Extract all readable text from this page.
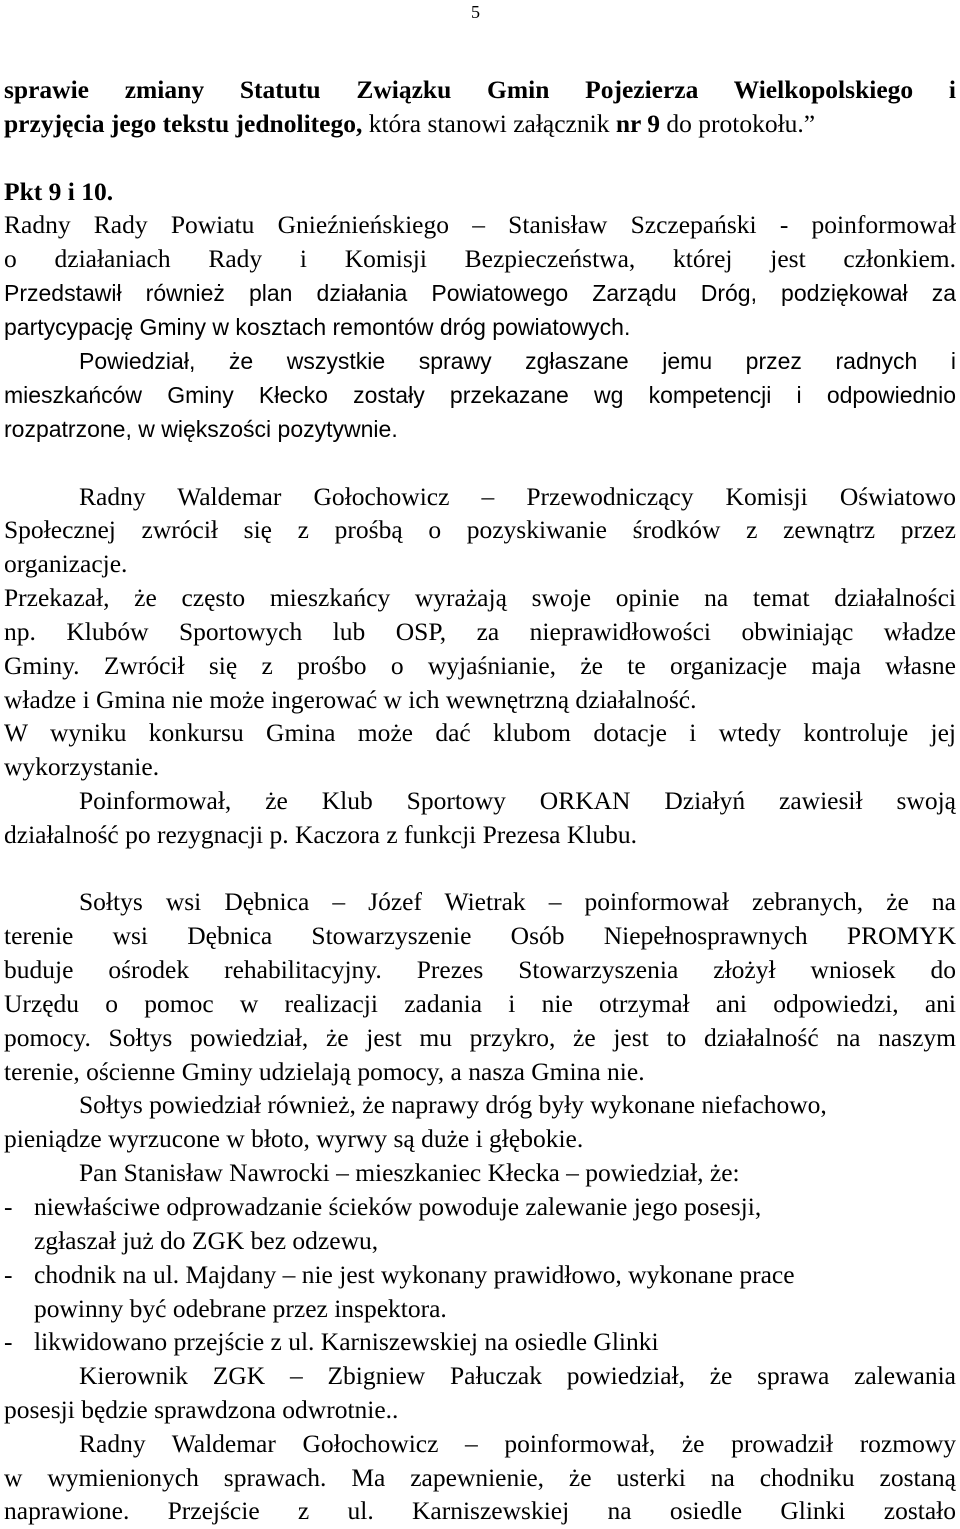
5
sprawie zmiany Statutu Związku Gmin Pojezierza Wielkopolskiego i
przyjęcia jego tekstu jednolitego, która stanowi załącznik nr 9 do protokołu.”
Pkt 9 i 10.
Radny Rady Powiatu Gnieźnieńskiego – Stanisław Szczepański - poinformował
o działaniach Rady i Komisji Bezpieczeństwa, której jest członkiem.
Przedstawił również plan działania Powiatowego Zarządu Dróg, podziękował za
partycypację Gminy w kosztach remontów dróg powiatowych.
Powiedział, że wszystkie sprawy zgłaszane jemu przez radnych i
mieszkańców Gminy Kłecko zostały przekazane wg kompetencji i odpowiednio
rozpatrzone, w większości pozytywnie.
Radny Waldemar Gołochowicz – Przewodniczący Komisji Oświatowo
Społecznej zwrócił się z prośbą o pozyskiwanie środków z zewnątrz przez
organizacje.
Przekazał, że często mieszkańcy wyrażają swoje opinie na temat działalności
np. Klubów Sportowych lub OSP, za nieprawidłowości obwiniając władze
Gminy. Zwrócił się z prośbo o wyjaśnianie, że te organizacje maja własne
władze i Gmina nie może ingerować w ich wewnętrzną działalność.
W wyniku konkursu Gmina może dać klubom dotacje i wtedy kontroluje jej
wykorzystanie.
Poinformował, że Klub Sportowy ORKAN Działyń zawiesił swoją
działalność po rezygnacji p. Kaczora z funkcji Prezesa Klubu.
Sołtys wsi Dębnica – Józef Wietrak – poinformował zebranych, że na
terenie wsi Dębnica Stowarzyszenie Osób Niepełnosprawnych PROMYK
buduje ośrodek rehabilitacyjny. Prezes Stowarzyszenia złożył wniosek do
Urzędu o pomoc w realizacji zadania i nie otrzymał ani odpowiedzi, ani
pomocy. Sołtys powiedział, że jest mu przykro, że jest to działalność na naszym
terenie, ościenne Gminy udzielają pomocy, a nasza Gmina nie.
Sołtys powiedział również, że naprawy dróg były wykonane niefachowo,
pieniądze wyrzucone w błoto, wyrwy są duże i głębokie.
Pan Stanisław Nawrocki – mieszkaniec Kłecka – powiedział, że:
- niewłaściwe odprowadzanie ścieków powoduje zalewanie jego posesji,
zgłaszał już do ZGK bez odzewu,
- chodnik na ul. Majdany – nie jest wykonany prawidłowo, wykonane prace
powinny być odebrane przez inspektora.
- likwidowano przejście z ul. Karniszewskiej na osiedle Glinki
Kierownik ZGK – Zbigniew Pałuczak powiedział, że sprawa zalewania
posesji będzie sprawdzona odwrotnie..
Radny Waldemar Gołochowicz – poinformował, że prowadził rozmowy
w wymienionych sprawach. Ma zapewnienie, że usterki na chodniku zostaną
naprawione. Przejście z ul. Karniszewskiej na osiedle Glinki zostało
